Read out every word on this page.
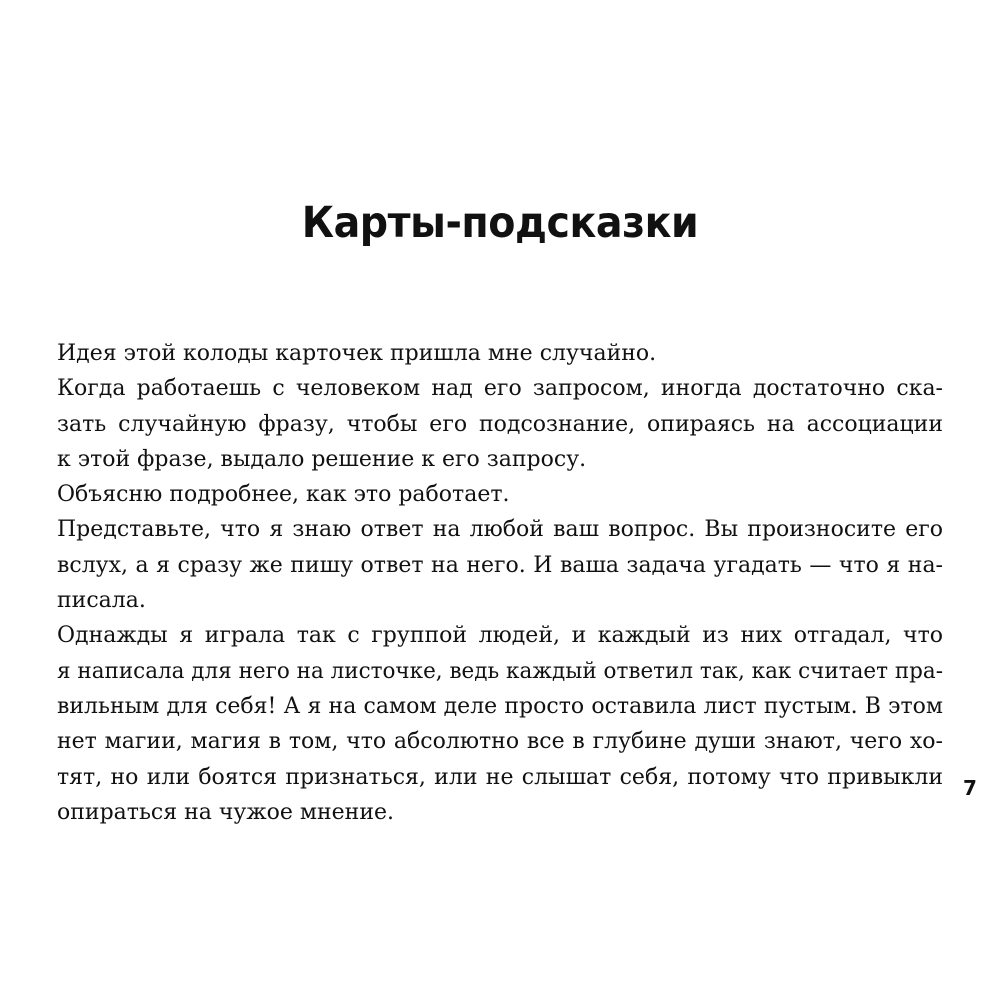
Карты-подсказки
Идея этой колоды карточек пришла мне случайно.
Когда работаешь с человеком над его запросом, иногда достаточно ска-
зать случайную фразу, чтобы его подсознание, опираясь на ассоциации
к этой фразе, выдало решение к его запросу.
Объясню подробнее, как это работает.
Представьте, что я знаю ответ на любой ваш вопрос. Вы произносите его
вслух, а я сразу же пишу ответ на него. И ваша задача угадать — что я на-
писала.
Однажды я играла так с группой людей, и каждый из них отгадал, что
я написала для него на листочке, ведь каждый ответил так, как считает пра-
вильным для себя! А я на самом деле просто оставила лист пустым. В этом
нет магии, магия в том, что абсолютно все в глубине души знают, чего хо-
тят, но или боятся признаться, или не слышат себя, потому что привыкли
опираться на чужое мнение.
7
